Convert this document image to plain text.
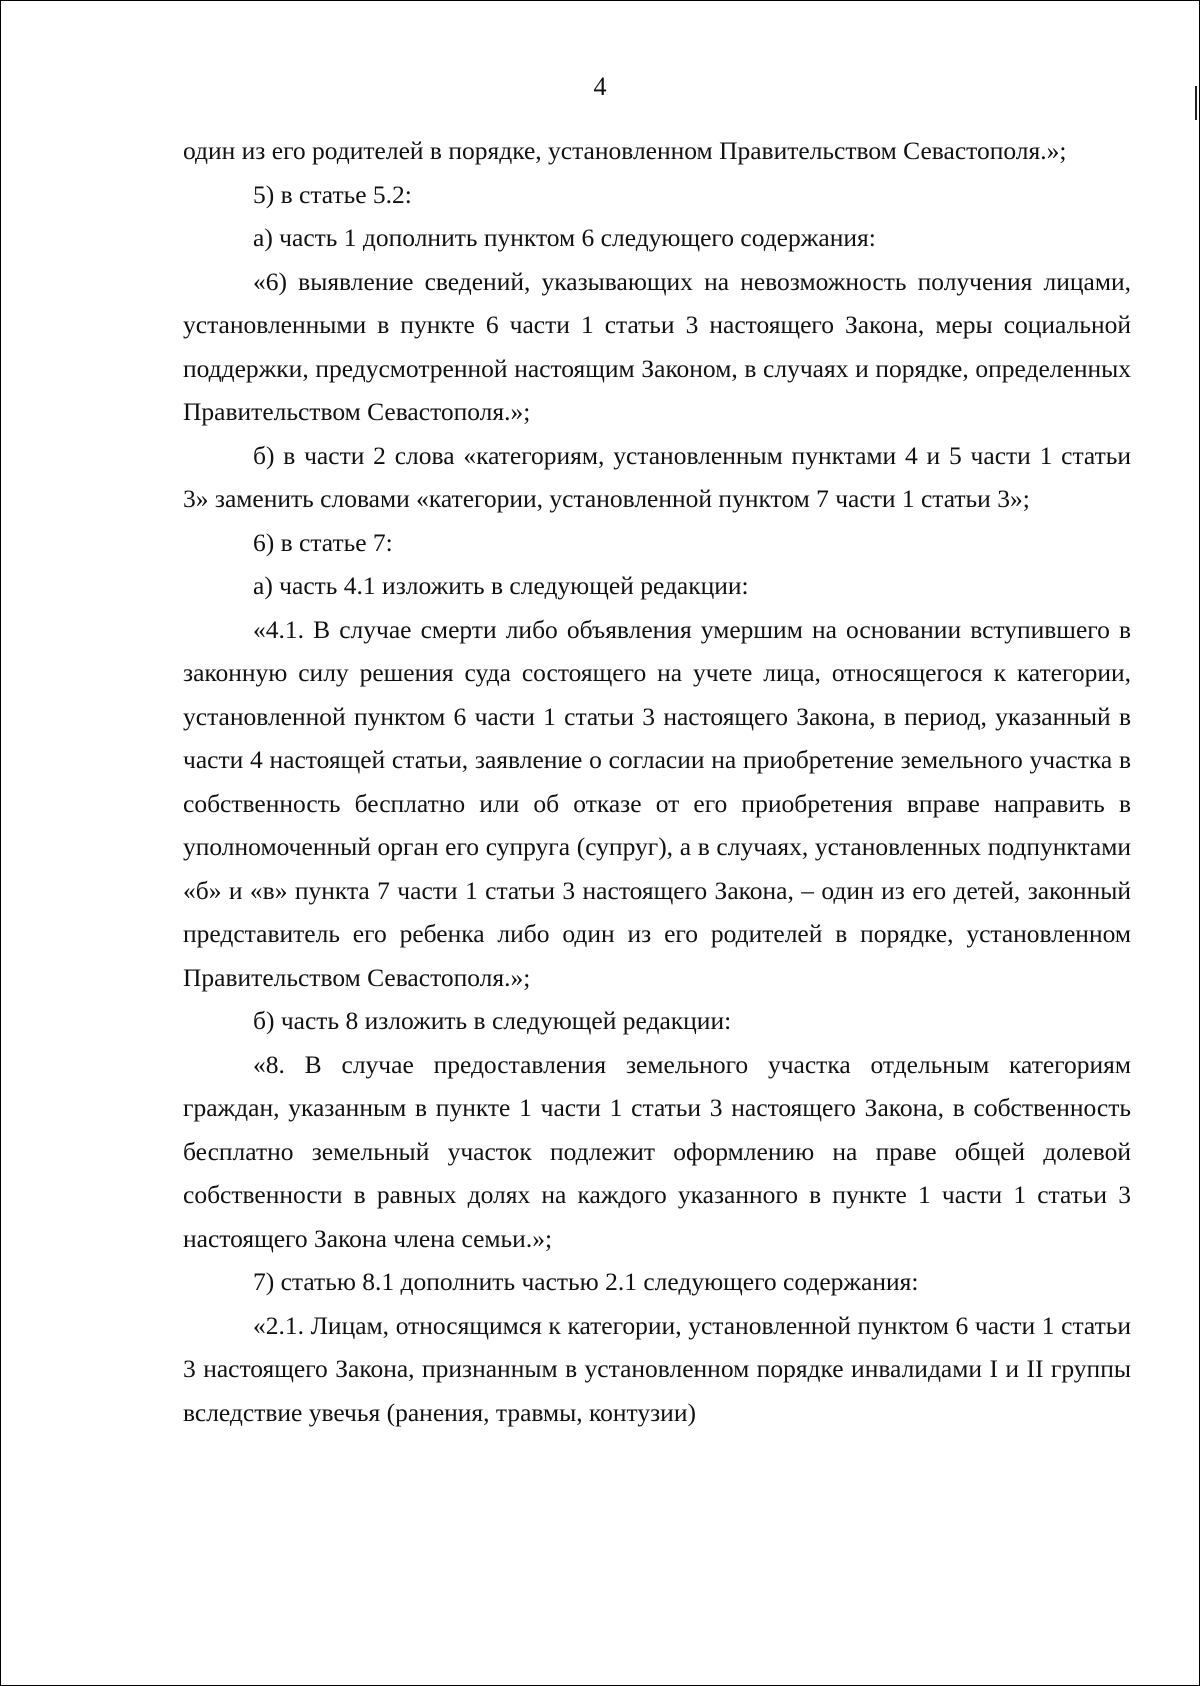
4

один из его родителей в порядке, установленном Правительством Севастополя.»;

5) в статье 5.2:

а) часть 1 дополнить пунктом 6 следующего содержания:

«6) выявление сведений, указывающих на невозможность получения лицами, установленными в пункте 6 части 1 статьи 3 настоящего Закона, меры социальной поддержки, предусмотренной настоящим Законом, в случаях и порядке, определенных Правительством Севастополя.»;

б) в части 2 слова «категориям, установленным пунктами 4 и 5 части 1 статьи 3» заменить словами «категории, установленной пунктом 7 части 1 статьи 3»;

6) в статье 7:

а) часть 4.1 изложить в следующей редакции:

«4.1. В случае смерти либо объявления умершим на основании вступившего в законную силу решения суда состоящего на учете лица, относящегося к категории, установленной пунктом 6 части 1 статьи 3 настоящего Закона, в период, указанный в части 4 настоящей статьи, заявление о согласии на приобретение земельного участка в собственность бесплатно или об отказе от его приобретения вправе направить в уполномоченный орган его супруга (супруг), а в случаях, установленных подпунктами «б» и «в» пункта 7 части 1 статьи 3 настоящего Закона, – один из его детей, законный представитель его ребенка либо один из его родителей в порядке, установленном Правительством Севастополя.»;

б) часть 8 изложить в следующей редакции:

«8. В случае предоставления земельного участка отдельным категориям граждан, указанным в пункте 1 части 1 статьи 3 настоящего Закона, в собственность бесплатно земельный участок подлежит оформлению на праве общей долевой собственности в равных долях на каждого указанного в пункте 1 части 1 статьи 3 настоящего Закона члена семьи.»;

7) статью 8.1 дополнить частью 2.1 следующего содержания:

«2.1. Лицам, относящимся к категории, установленной пунктом 6 части 1 статьи 3 настоящего Закона, признанным в установленном порядке инвалидами I и II группы вследствие увечья (ранения, травмы, контузии)
